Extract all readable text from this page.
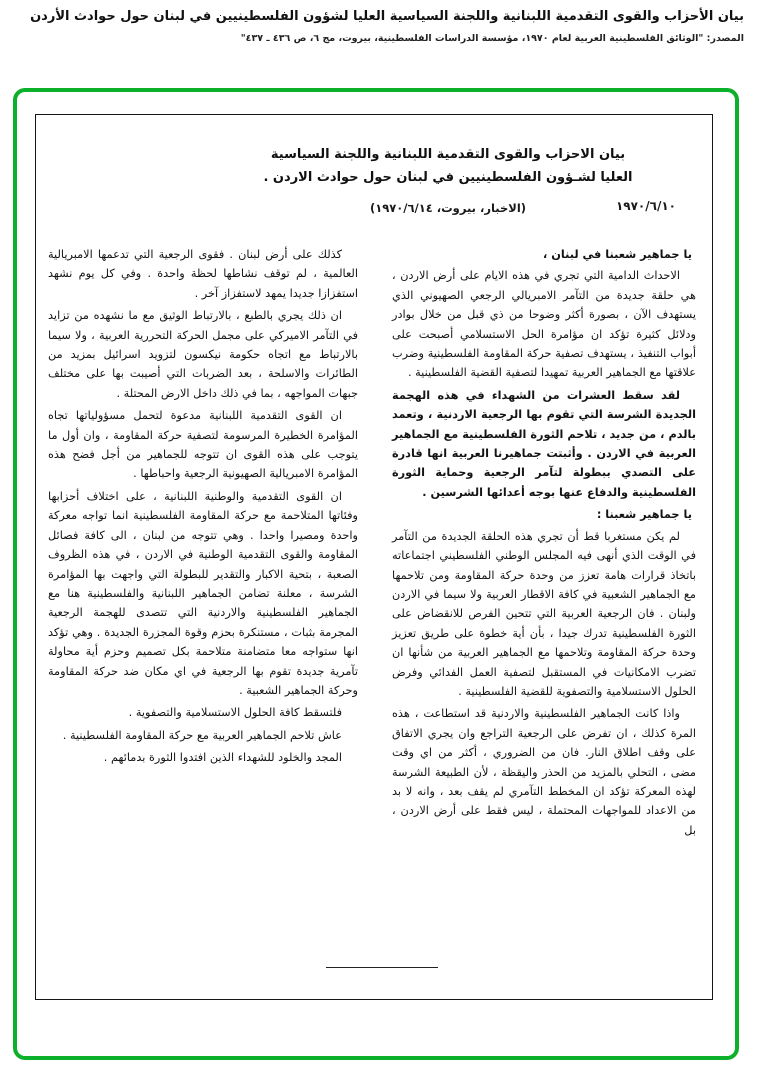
بيان الأحزاب والقوى التقدمية اللبنانية واللجنة السياسية العليا لشؤون الفلسطينيين في لبنان حول حوادث الأردن
المصدر: "الوثائق الفلسطينية العربية لعام ١٩٧٠، مؤسسة الدراسات الفلسطينية، بيروت، مج ٦، ص ٤٣٦ ـ ٤٣٧"
بيان الاحزاب والقوى التقدمية اللبنانية واللجنة السياسية
العليا لشـؤون الفلسطينيين في لبنان حول حوادث الاردن .
١٩٧٠/٦/١٠
(الاخبار، بيروت، ١٩٧٠/٦/١٤)

يا جماهير شعبنا في لبنان ،

الاحداث الدامية التي تجري في هذه الايام على أرض الاردن ، هي حلقة جديدة من التآمر الامبريالي الرجعي الصهيوني الذي يستهدف الآن ، بصورة أكثر وضوحا من ذي قبل من خلال بوادر ودلائل كثيرة تؤكد ان مؤامرة الحل الاستسلامي أصبحت على أبواب التنفيذ ، يستهدف تصفية حركة المقاومة الفلسطينية وضرب علاقتها مع الجماهير العربية تمهيدا لتصفية القضية الفلسطينية .

لقد سقط العشرات من الشهداء في هذه الهجمة الجديدة الشرسة التي تقوم بها الرجعية الاردنية ، وتعمد بالدم ، من جديد ، تلاحم الثورة الفلسطينية مع الجماهير العربية في الاردن . وأثبتت جماهيرنا العربية انها قادرة على التصدي ببطولة لتآمر الرجعية وحماية الثورة الفلسطينية والدفاع عنها بوجه أعدائها الشرسين .

يا جماهير شعبنا :

لم يكن مستغربا قط أن تجري هذه الحلقة الجديدة من التآمر في الوقت الذي أنهى فيه المجلس الوطني الفلسطيني اجتماعاته باتخاذ قرارات هامة تعزز من وحدة حركة المقاومة ومن تلاحمها مع الجماهير الشعبية في كافة الاقطار العربية ولا سيما في الاردن ولبنان . فان الرجعية العربية التي تتحين الفرص للانقضاض على الثورة الفلسطينية تدرك جيدا ، بأن أية خطوة على طريق تعزيز وحدة حركة المقاومة وتلاحمها مع الجماهير العربية من شأنها ان تضرب الامكانيات في المستقبل لتصفية العمل الفدائي وفرض الحلول الاستسلامية والتصفوية للقضية الفلسطينية .

واذا كانت الجماهير الفلسطينية والاردنية قد استطاعت ، هذه المرة كذلك ، ان تفرض على الرجعية التراجع وان يجري الاتفاق على وقف اطلاق النار. فان من الضروري ، أكثر من اي وقت مضى ، التحلي بالمزيد من الحذر واليقظة ، لأن الطبيعة الشرسة لهذه المعركة تؤكد ان المخطط التآمري لم يقف بعد ، وانه لا بد من الاعداد للمواجهات المحتملة ، ليس فقط على أرض الاردن ، بل

كذلك على أرض لبنان . فقوى الرجعية التي تدعمها الامبريالية العالمية ، لم توقف نشاطها لحظة واحدة . وفي كل يوم نشهد استفزازا جديدا يمهد لاستفزاز آخر .

ان ذلك يجري بالطبع ، بالارتباط الوثيق مع ما نشهده من تزايد في التآمر الاميركي على مجمل الحركة التحررية العربية ، ولا سيما بالارتباط مع اتجاه حكومة نيكسون لتزويد اسرائيل بمزيد من الطائرات والاسلحة ، بعد الضربات التي أصيبت بها على مختلف جبهات المواجهه ، بما في ذلك داخل الارض المحتلة .

ان القوى التقدمية اللبنانية مدعوة لتحمل مسؤولياتها تجاه المؤامرة الخطيرة المرسومة لتصفية حركة المقاومة ، وان أول ما يتوجب على هذه القوى ان تتوجه للجماهير من أجل فضح هذه المؤامرة الامبريالية الصهيونية الرجعية واحباطها .

ان القوى التقدمية والوطنية اللبنانية ، على اختلاف أحزابها وفئاتها المتلاحمة مع حركة المقاومة الفلسطينية انما تواجه معركة واحدة ومصيرا واحدا . وهي تتوجه من لبنان ، الى كافة فصائل المقاومة والقوى التقدمية الوطنية في الاردن ، في هذه الظروف الصعبة ، بتحية الاكبار والتقدير للبطولة التي واجهت بها المؤامرة الشرسة ، معلنة تضامن الجماهير اللبنانية والفلسطينية هنا مع الجماهير الفلسطينية والاردنية التي تتصدى للهجمة الرجعية المجرمة بثبات ، مستنكرة بحزم وقوة المجزرة الجديدة . وهي تؤكد انها ستواجه معا متضامنة متلاحمة بكل تصميم وحزم أية محاولة تآمرية جديدة تقوم بها الرجعية في اي مكان ضد حركة المقاومة وحركة الجماهير الشعبية .

فلتسقط كافة الحلول الاستسلامية والتصفوية .

عاش تلاحم الجماهير العربية مع حركة المقاومة الفلسطينية .

المجد والخلود للشهداء الذين افتدوا الثورة بدمائهم .
